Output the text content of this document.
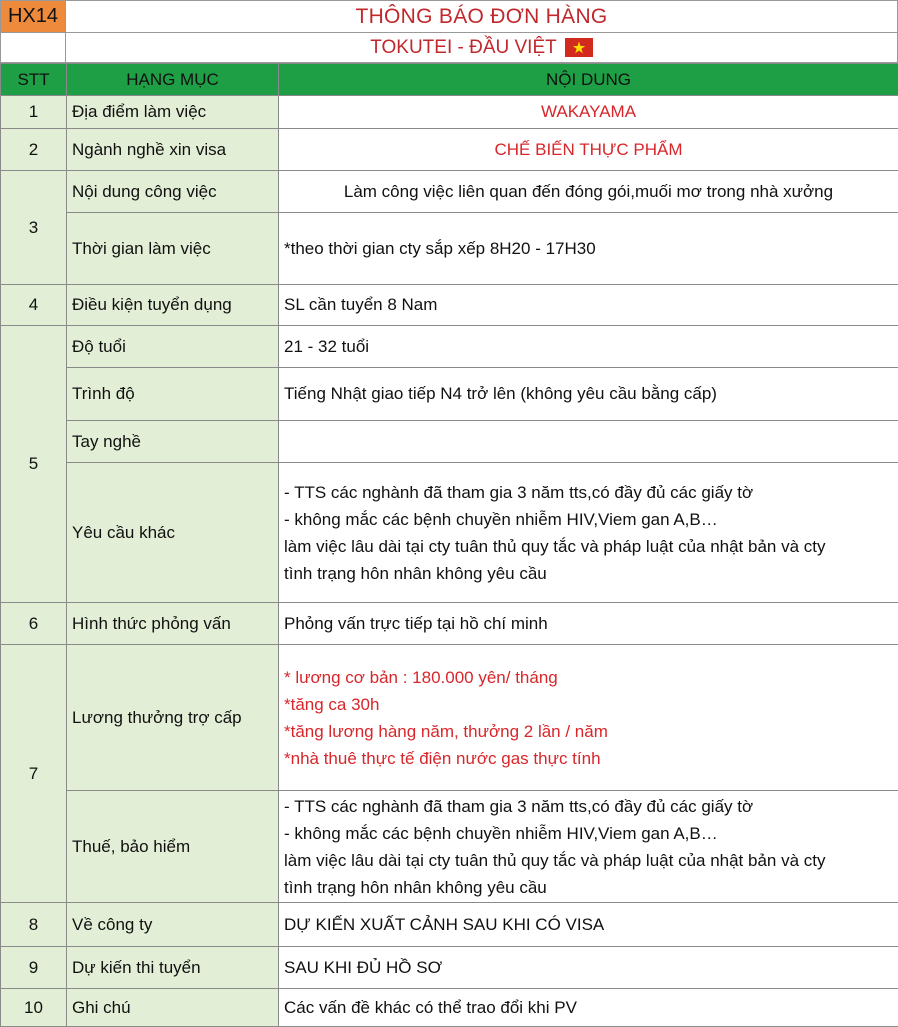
HX14	THÔNG BÁO ĐƠN HÀNG
TOKUTEI - ĐẦU VIỆT
STT	HẠNG MỤC	NỘI DUNG
1	Địa điểm làm việc	WAKAYAMA
2	Ngành nghề xin visa	CHẾ BIẾN THỰC PHẨM
3	Nội dung công việc	Làm công việc liên quan đến đóng gói,muối mơ trong nhà xưởng
	Thời gian làm việc	*theo thời gian cty sắp xếp 8H20 - 17H30
4	Điều kiện tuyển dụng	SL cần tuyển 8 Nam
5	Độ tuổi	21 - 32 tuổi
	Trình độ	Tiếng Nhật giao tiếp N4 trở lên (không yêu cầu bằng cấp)
	Tay nghề	
	Yêu cầu khác	- TTS các nghành đã tham gia 3 năm tts,có đầy đủ các giấy tờ
- không mắc các bệnh chuyền nhiễm HIV,Viem gan A,B…
làm việc lâu dài tại cty tuân thủ quy tắc và pháp luật của nhật bản và cty
tình trạng hôn nhân không yêu cầu

6	Hình thức phỏng vấn	Phỏng vấn trực tiếp tại hồ chí minh
7	Lương thưởng trợ cấp	* lương cơ bản : 180.000 yên/ tháng
*tăng ca 30h
*tăng lương hàng năm, thưởng 2 lần / năm
*nhà thuê thực tế điện nước gas thực tính

	Thuế, bảo hiểm	- TTS các nghành đã tham gia 3 năm tts,có đầy đủ các giấy tờ
- không mắc các bệnh chuyền nhiễm HIV,Viem gan A,B…
làm việc lâu dài tại cty tuân thủ quy tắc và pháp luật của nhật bản và cty
tình trạng hôn nhân không yêu cầu

8	Về công ty	DỰ KIẾN XUẤT CẢNH SAU KHI CÓ VISA
9	Dự kiến thi tuyển	SAU KHI ĐỦ HỒ SƠ
10	Ghi chú	Các vấn đề khác có thể trao đổi khi PV
